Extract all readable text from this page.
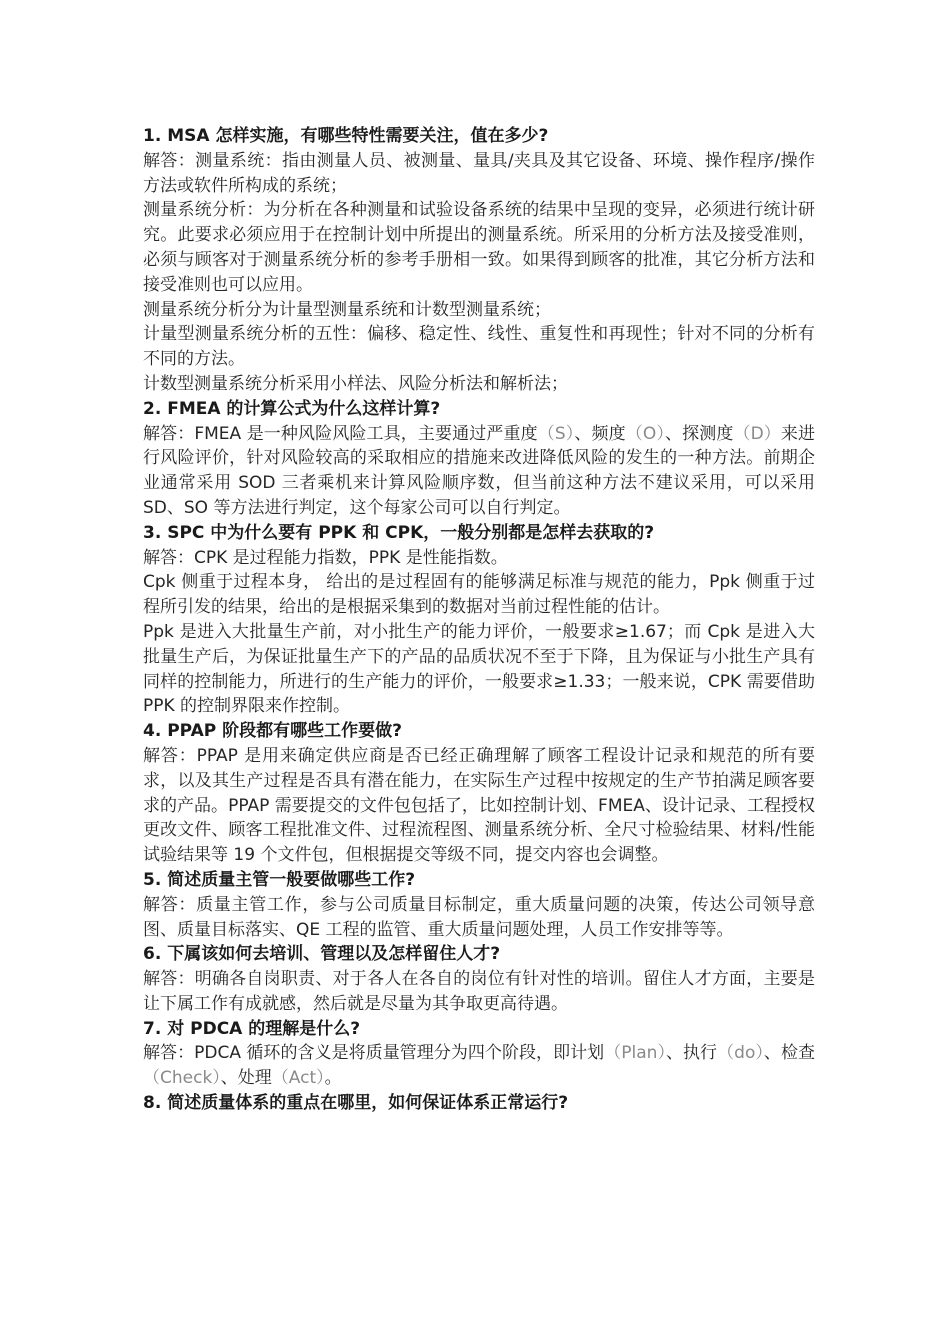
1. MSA 怎样实施，有哪些特性需要关注，值在多少?

解答：测量系统：指由测量人员、被测量、量具/夹具及其它设备、环境、操作程序/操作方法或软件所构成的系统；

测量系统分析：为分析在各种测量和试验设备系统的结果中呈现的变异，必须进行统计研究。此要求必须应用于在控制计划中所提出的测量系统。所采用的分析方法及接受准则，必须与顾客对于测量系统分析的参考手册相一致。如果得到顾客的批准，其它分析方法和接受准则也可以应用。

测量系统分析分为计量型测量系统和计数型测量系统；

计量型测量系统分析的五性：偏移、稳定性、线性、重复性和再现性；针对不同的分析有不同的方法。

计数型测量系统分析采用小样法、风险分析法和解析法；

2. FMEA 的计算公式为什么这样计算?

解答：FMEA 是一种风险风险工具，主要通过严重度（S）、频度（O）、探测度（D）来进行风险评价，针对风险较高的采取相应的措施来改进降低风险的发生的一种方法。前期企业通常采用 SOD 三者乘机来计算风险顺序数，但当前这种方法不建议采用，可以采用 SD、SO 等方法进行判定，这个每家公司可以自行判定。

3. SPC 中为什么要有 PPK 和 CPK，一般分别都是怎样去获取的?

解答：CPK 是过程能力指数，PPK 是性能指数。

Cpk 侧重于过程本身， 给出的是过程固有的能够满足标准与规范的能力，Ppk 侧重于过程所引发的结果，给出的是根据采集到的数据对当前过程性能的估计。

Ppk 是进入大批量生产前，对小批生产的能力评价，一般要求≥1.67；而 Cpk 是进入大批量生产后，为保证批量生产下的产品的品质状况不至于下降，且为保证与小批生产具有同样的控制能力，所进行的生产能力的评价，一般要求≥1.33；一般来说，CPK 需要借助 PPK 的控制界限来作控制。

4. PPAP 阶段都有哪些工作要做?

解答：PPAP 是用来确定供应商是否已经正确理解了顾客工程设计记录和规范的所有要求，以及其生产过程是否具有潜在能力，在实际生产过程中按规定的生产节拍满足顾客要求的产品。PPAP 需要提交的文件包包括了，比如控制计划、FMEA、设计记录、工程授权更改文件、顾客工程批准文件、过程流程图、测量系统分析、全尺寸检验结果、材料/性能试验结果等 19 个文件包，但根据提交等级不同，提交内容也会调整。

5. 简述质量主管一般要做哪些工作?

解答：质量主管工作，参与公司质量目标制定，重大质量问题的决策，传达公司领导意图、质量目标落实、QE 工程的监管、重大质量问题处理，人员工作安排等等。

6. 下属该如何去培训、管理以及怎样留住人才?

解答：明确各自岗职责、对于各人在各自的岗位有针对性的培训。留住人才方面，主要是让下属工作有成就感，然后就是尽量为其争取更高待遇。

7. 对 PDCA 的理解是什么?

解答：PDCA 循环的含义是将质量管理分为四个阶段，即计划（Plan）、执行（do）、检查（Check）、处理（Act）。

8. 简述质量体系的重点在哪里，如何保证体系正常运行?
